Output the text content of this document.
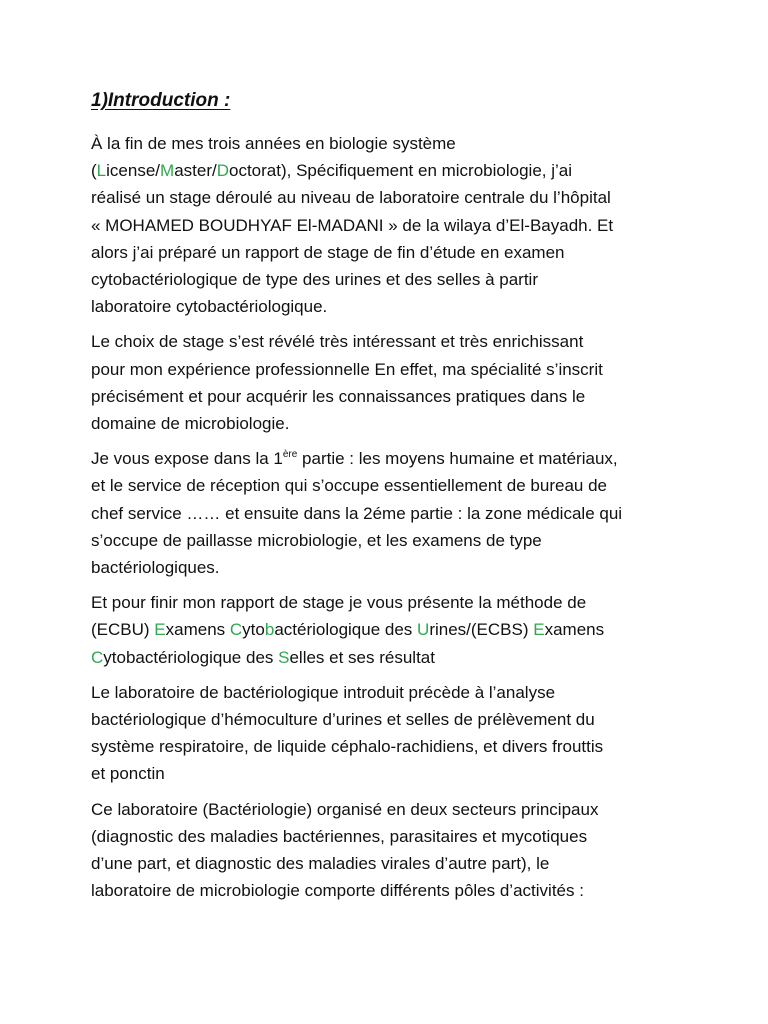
1)Introduction :

À la fin de mes trois années en biologie système
(License/Master/Doctorat), Spécifiquement en microbiologie, j’ai
réalisé un stage déroulé au niveau de laboratoire centrale du l’hôpital
« MOHAMED BOUDHYAF El-MADANI » de la wilaya d’El-Bayadh. Et
alors j’ai préparé un rapport de stage de fin d’étude en examen
cytobactériologique de type des urines et des selles à partir
laboratoire cytobactériologique.

Le choix de stage s’est révélé très intéressant et très enrichissant
pour mon expérience professionnelle En effet, ma spécialité s’inscrit
précisément et pour acquérir les connaissances pratiques dans le
domaine de microbiologie.

Je vous expose dans la 1ère partie : les moyens humaine et matériaux,
et le service de réception qui s’occupe essentiellement de bureau de
chef service …… et ensuite dans la 2éme partie : la zone médicale qui
s’occupe de paillasse microbiologie, et les examens de type
bactériologiques.

Et pour finir mon rapport de stage je vous présente la méthode de
(ECBU) Examens Cytobactériologique des Urines/(ECBS) Examens
Cytobactériologique des Selles et ses résultat

Le laboratoire de bactériologique introduit précède à l’analyse
bactériologique d’hémoculture d’urines et selles de prélèvement du
système respiratoire, de liquide céphalo-rachidiens, et divers frouttis
et ponctin

Ce laboratoire (Bactériologie) organisé en deux secteurs principaux
(diagnostic des maladies bactériennes, parasitaires et mycotiques
d’une part, et diagnostic des maladies virales d’autre part), le
laboratoire de microbiologie comporte différents pôles d’activités :
